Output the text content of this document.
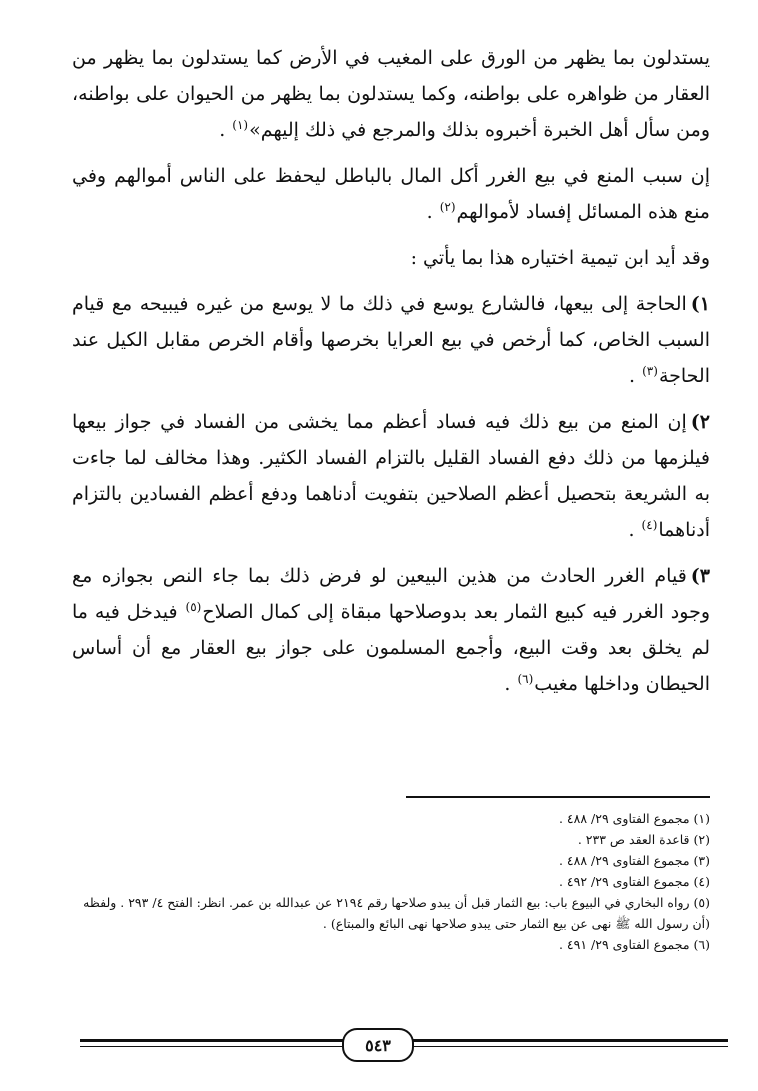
يستدلون بما يظهر من الورق على المغيب في الأرض كما يستدلون بما يظهر من العقار من ظواهره على بواطنه، وكما يستدلون بما يظهر من الحيوان على بواطنه، ومن سأل أهل الخبرة أخبروه بذلك والمرجع في ذلك إليهم»$^{(١)}$ .

إن سبب المنع في بيع الغرر أكل المال بالباطل ليحفظ على الناس أموالهم وفي منع هذه المسائل إفساد لأموالهم$^{(٢)}$ .

وقد أيد ابن تيمية اختياره هذا بما يأتي :

١)الحاجة إلى بيعها، فالشارع يوسع في ذلك ما لا يوسع من غيره فيبيحه مع قيام السبب الخاص، كما أرخص في بيع العرايا بخرصها وأقام الخرص مقابل الكيل عند الحاجة$^{(٣)}$ .

٢)إن المنع من بيع ذلك فيه فساد أعظم مما يخشى من الفساد في جواز بيعها فيلزمها من ذلك دفع الفساد القليل بالتزام الفساد الكثير. وهذا مخالف لما جاءت به الشريعة بتحصيل أعظم الصلاحين بتفويت أدناهما ودفع أعظم الفسادين بالتزام أدناهما$^{(٤)}$ .

٣)قيام الغرر الحادث من هذين البيعين لو فرض ذلك بما جاء النص بجوازه مع وجود الغرر فيه كبيع الثمار بعد بدوصلاحها مبقاة إلى كمال الصلاح$^{(٥)}$ فيدخل فيه ما لم يخلق بعد وقت البيع، وأجمع المسلمون على جواز بيع العقار مع أن أساس الحيطان وداخلها مغيب$^{(٦)}$ .

(١) مجموع الفتاوى ٢٩/ ٤٨٨ .
(٢) قاعدة العقد ص ٢٣٣ .
(٣) مجموع الفتاوى ٢٩/ ٤٨٨ .
(٤) مجموع الفتاوى ٢٩/ ٤٩٢ .
(٥) رواه البخاري في البيوع باب: بيع الثمار قبل أن يبدو صلاحها رقم ٢١٩٤ عن عبدالله بن عمر. انظر: الفتح ٤/ ٢٩٣ . ولفظه (أن رسول الله ﷺ نهى عن بيع الثمار حتى يبدو صلاحها نهى البائع والمبتاع) .
(٦) مجموع الفتاوى ٢٩/ ٤٩١ .
٥٤٣
